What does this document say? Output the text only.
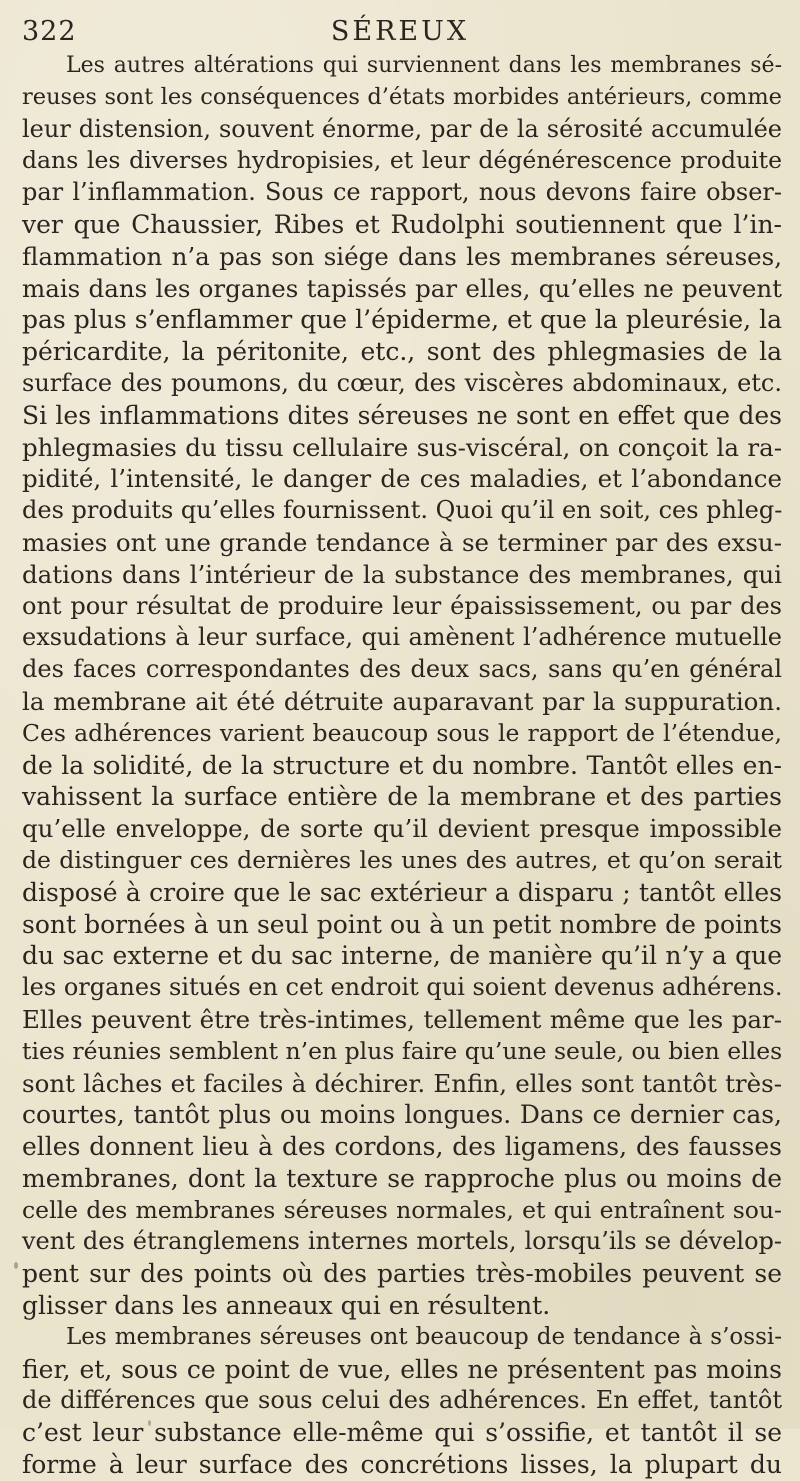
322	SÉREUX
Les autres altérations qui surviennent dans les membranes sé-
reuses sont les conséquences d’états morbides antérieurs, comme
leur distension, souvent énorme, par de la sérosité accumulée
dans les diverses hydropisies, et leur dégénérescence produite
par l’inflammation. Sous ce rapport, nous devons faire obser-
ver que Chaussier, Ribes et Rudolphi soutiennent que l’in-
flammation n’a pas son siége dans les membranes séreuses,
mais dans les organes tapissés par elles, qu’elles ne peuvent
pas plus s’enflammer que l’épiderme, et que la pleurésie, la
péricardite, la péritonite, etc., sont des phlegmasies de la
surface des poumons, du cœur, des viscères abdominaux, etc.
Si les inflammations dites séreuses ne sont en effet que des
phlegmasies du tissu cellulaire sus-viscéral, on conçoit la ra-
pidité, l’intensité, le danger de ces maladies, et l’abondance
des produits qu’elles fournissent. Quoi qu’il en soit, ces phleg-
masies ont une grande tendance à se terminer par des exsu-
dations dans l’intérieur de la substance des membranes, qui
ont pour résultat de produire leur épaississement, ou par des
exsudations à leur surface, qui amènent l’adhérence mutuelle
des faces correspondantes des deux sacs, sans qu’en général
la membrane ait été détruite auparavant par la suppuration.
Ces adhérences varient beaucoup sous le rapport de l’étendue,
de la solidité, de la structure et du nombre. Tantôt elles en-
vahissent la surface entière de la membrane et des parties
qu’elle enveloppe, de sorte qu’il devient presque impossible
de distinguer ces dernières les unes des autres, et qu’on serait
disposé à croire que le sac extérieur a disparu ; tantôt elles
sont bornées à un seul point ou à un petit nombre de points
du sac externe et du sac interne, de manière qu’il n’y a que
les organes situés en cet endroit qui soient devenus adhérens.
Elles peuvent être très-intimes, tellement même que les par-
ties réunies semblent n’en plus faire qu’une seule, ou bien elles
sont lâches et faciles à déchirer. Enfin, elles sont tantôt très-
courtes, tantôt plus ou moins longues. Dans ce dernier cas,
elles donnent lieu à des cordons, des ligamens, des fausses
membranes, dont la texture se rapproche plus ou moins de
celle des membranes séreuses normales, et qui entraînent sou-
vent des étranglemens internes mortels, lorsqu’ils se dévelop-
pent sur des points où des parties très-mobiles peuvent se
glisser dans les anneaux qui en résultent.
Les membranes séreuses ont beaucoup de tendance à s’ossi-
fier, et, sous ce point de vue, elles ne présentent pas moins
de différences que sous celui des adhérences. En effet, tantôt
c’est leur substance elle-même qui s’ossifie, et tantôt il se
forme à leur surface des concrétions lisses, la plupart du
